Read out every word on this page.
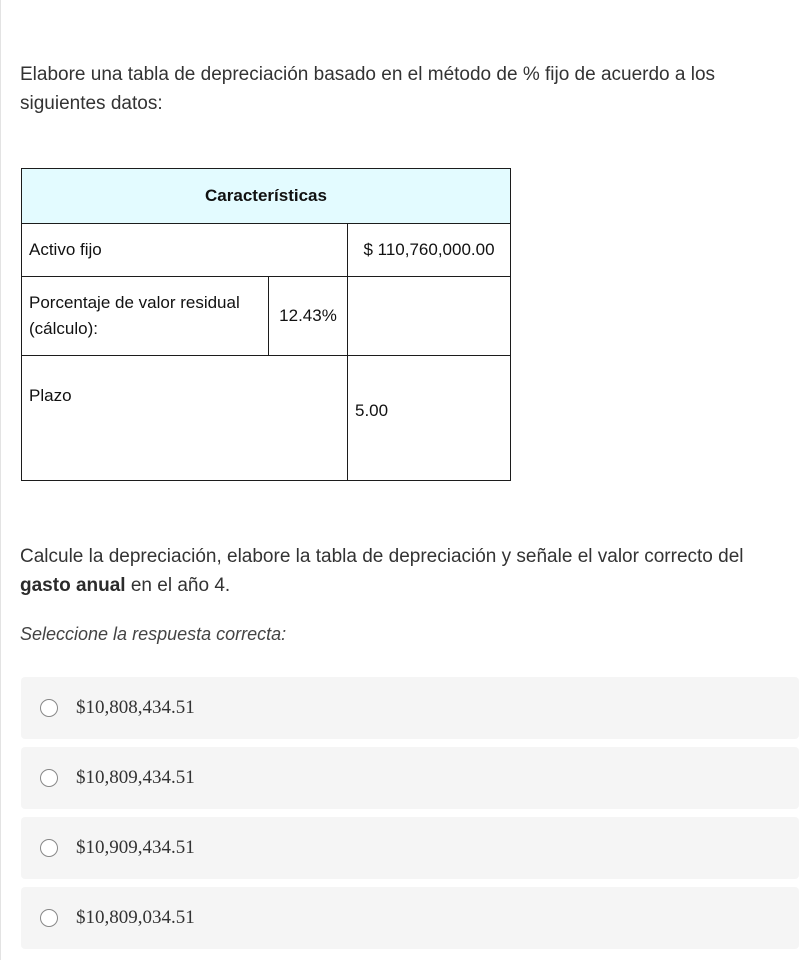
Elabore una tabla de depreciación basado en el método de % fijo de acuerdo a los siguientes datos:
Características		
Activo fijo		$ 110,760,000.00
Porcentaje de valor residual (cálculo):	12.43%	
Plazo		5.00
Calcule la depreciación, elabore la tabla de depreciación y señale el valor correcto del gasto anual en el año 4.
Seleccione la respuesta correcta:
$10,808,434.51
$10,809,434.51
$10,909,434.51
$10,809,034.51
